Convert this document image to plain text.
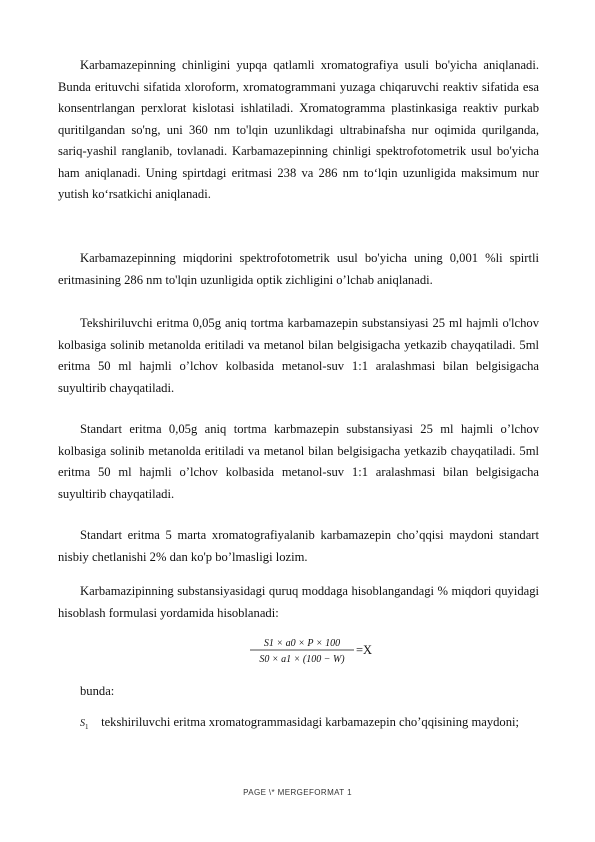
Karbamazepinning chinligini yupqa qatlamli xromatografiya usuli bo'yicha aniqlanadi. Bunda erituvchi sifatida xloroform, xromatogrammani yuzaga chiqaruvchi reaktiv sifatida esa konsentrlangan perxlorat kislotasi ishlatiladi. Xromatogramma plastinkasiga reaktiv purkab quritilgandan so'ng, uni 360 nm to'lqin uzunlikdagi ultrabinafsha nur oqimida qurilganda, sariq-yashil ranglanib, tovlanadi. Karbamazepinning chinligi spektrofotometrik usul bo'yicha ham aniqlanadi. Uning spirtdagi eritmasi 238 va 286 nm to‘lqin uzunligida maksimum nur yutish ko‘rsatkichi aniqlanadi.

Karbamazepinning miqdorini spektrofotometrik usul bo'yicha uning 0,001 %li spirtli eritmasining 286 nm to'lqin uzunligida optik zichligini o’lchab aniqlanadi.

Tekshiriluvchi eritma 0,05g aniq tortma karbamazepin substansiyasi 25 ml hajmli o'lchov kolbasiga solinib metanolda eritiladi va metanol bilan belgisigacha yetkazib chayqatiladi. 5ml eritma 50 ml hajmli o’lchov kolbasida metanol-suv 1:1 aralashmasi bilan belgisigacha suyultirib chayqatiladi.

Standart eritma 0,05g aniq tortma karbmazepin substansiyasi 25 ml hajmli o’lchov kolbasiga solinib metanolda eritiladi va metanol bilan belgisigacha yetkazib chayqatiladi. 5ml eritma 50 ml hajmli o’lchov kolbasida metanol-suv 1:1 aralashmasi bilan belgisigacha suyultirib chayqatiladi.

Standart eritma 5 marta xromatografiyalanib karbamazepin cho’qqisi maydoni standart nisbiy chetlanishi 2% dan ko'p bo’lmasligi lozim.

Karbamazipinning substansiyasidagi quruq moddaga hisoblangandagi % miqdori quyidagi hisoblash formulasi yordamida hisoblanadi:

S1 × a0 × P × 100
S0 × a1 × (100 − W)
=X

bunda:

$S_1$ tekshiriluvchi eritma xromatogrammasidagi karbamazepin cho’qqisining maydoni;

PAGE \* MERGEFORMAT 1
